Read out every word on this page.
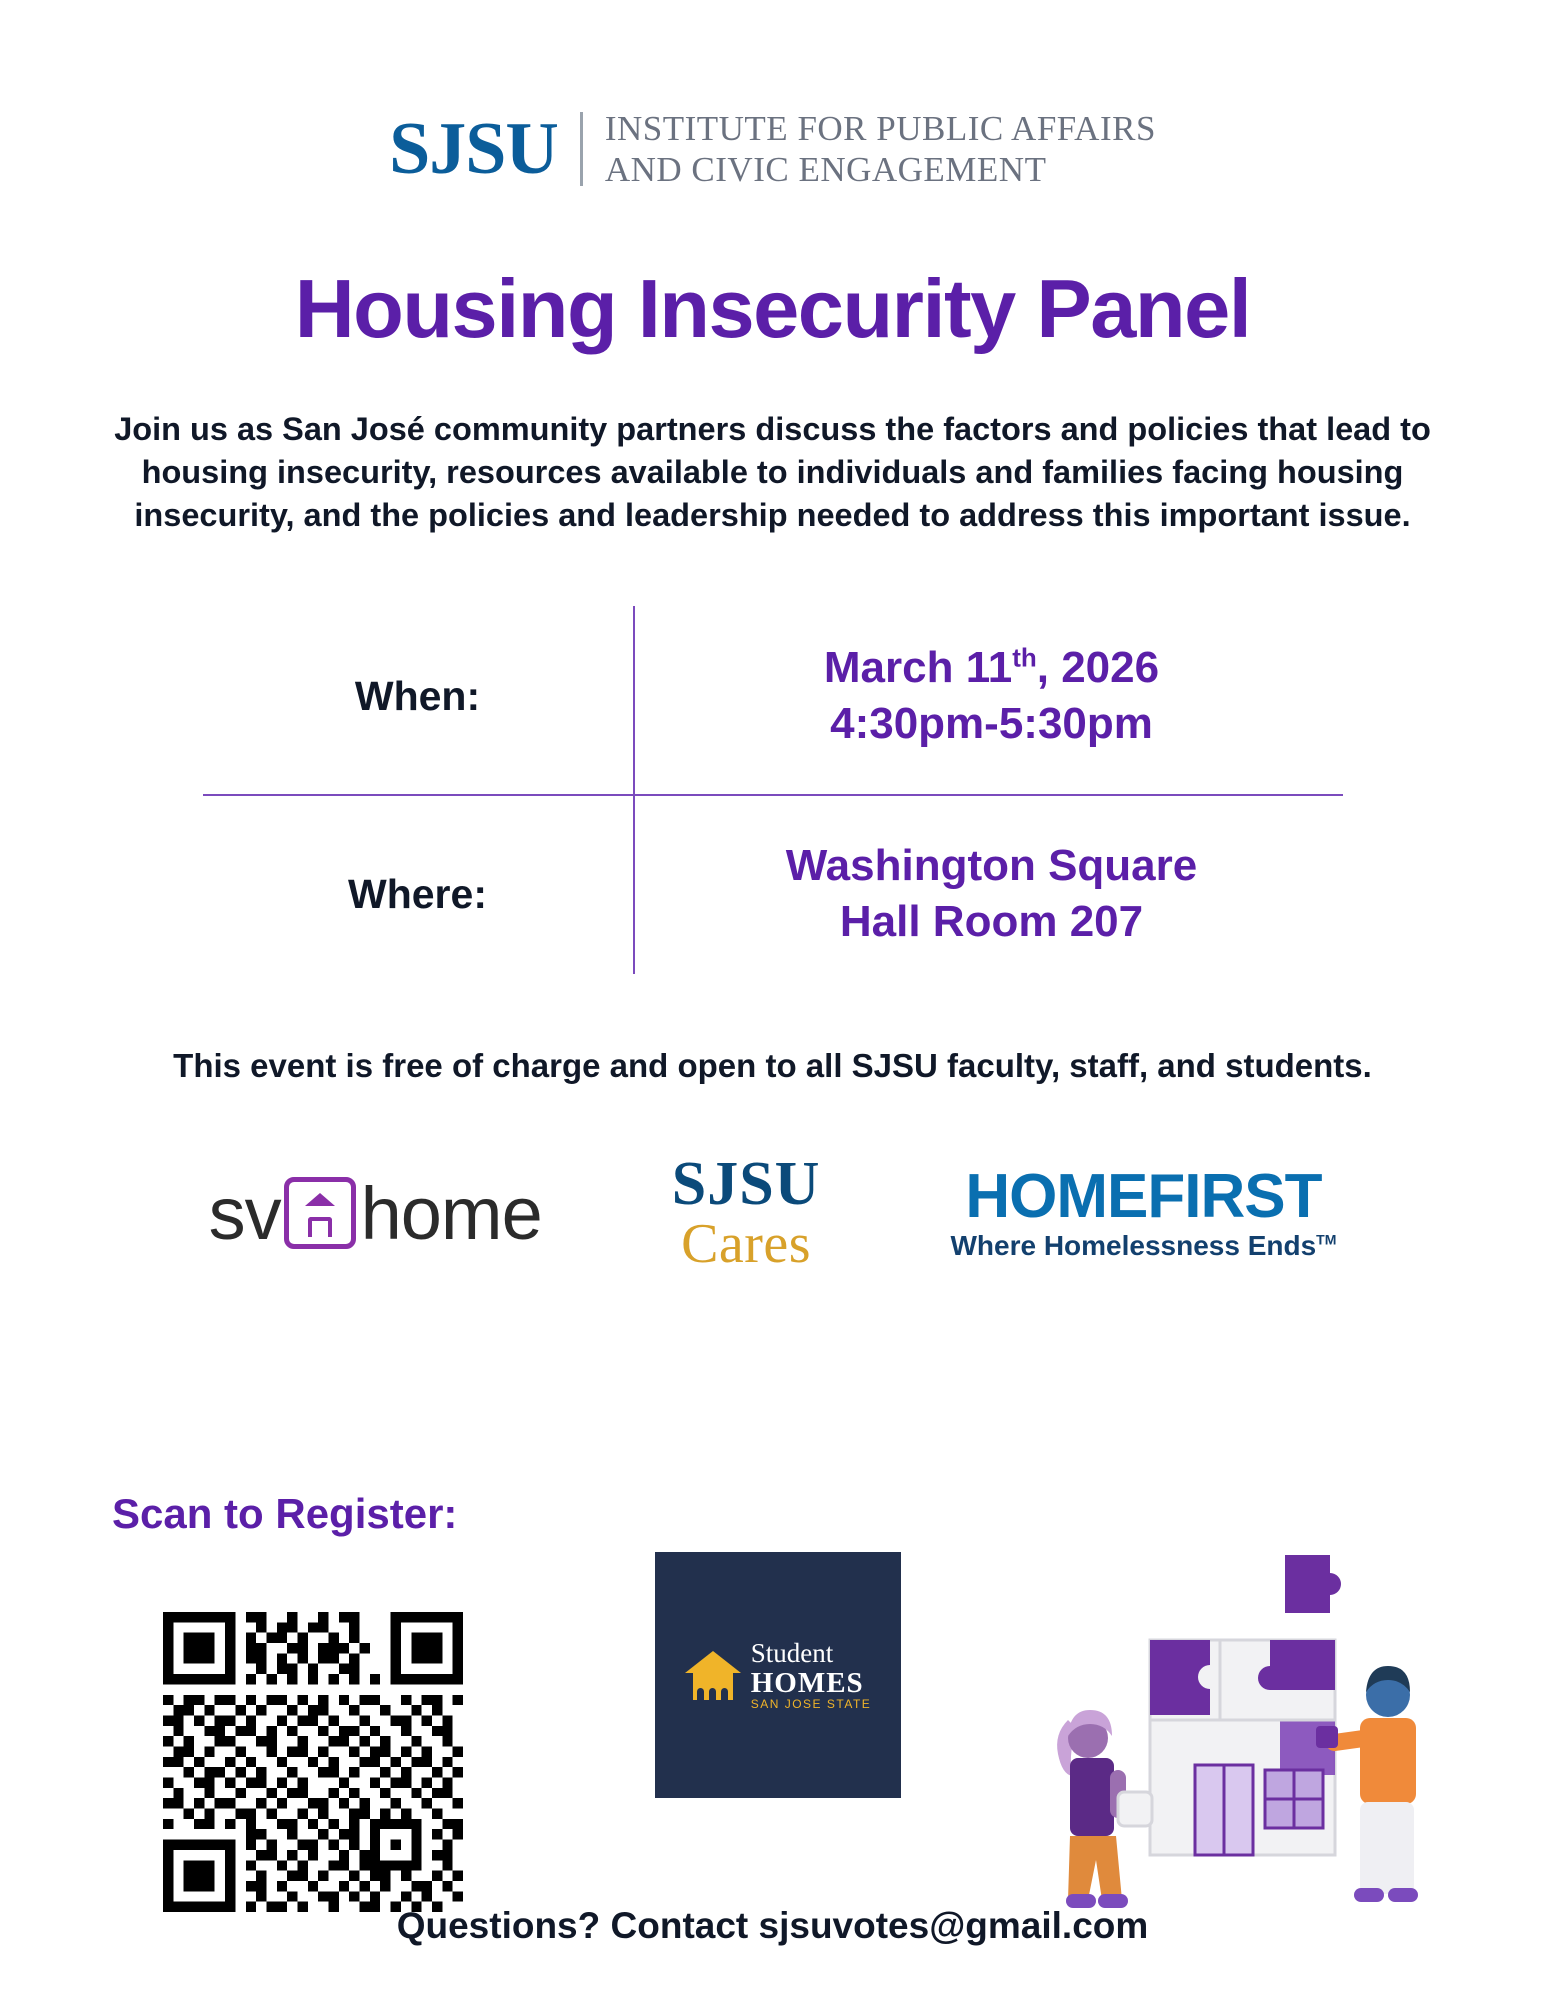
SJSU INSTITUTE FOR PUBLIC AFFAIRS
AND CIVIC ENGAGEMENT
Housing Insecurity Panel
Join us as San José community partners discuss the factors and policies that lead to housing insecurity, resources available to individuals and families facing housing insecurity, and the policies and leadership needed to address this important issue.
When:
March 11th, 2026
4:30pm-5:30pm
Where:
Washington Square
Hall Room 207
This event is free of charge and open to all SJSU faculty, staff, and students.
sv home SJSU
Cares
HOMEFIRST
Where Homelessness Ends™
Scan to Register:
Student
HOMES
SAN JOSE STATE
Questions? Contact sjsuvotes@gmail.com
